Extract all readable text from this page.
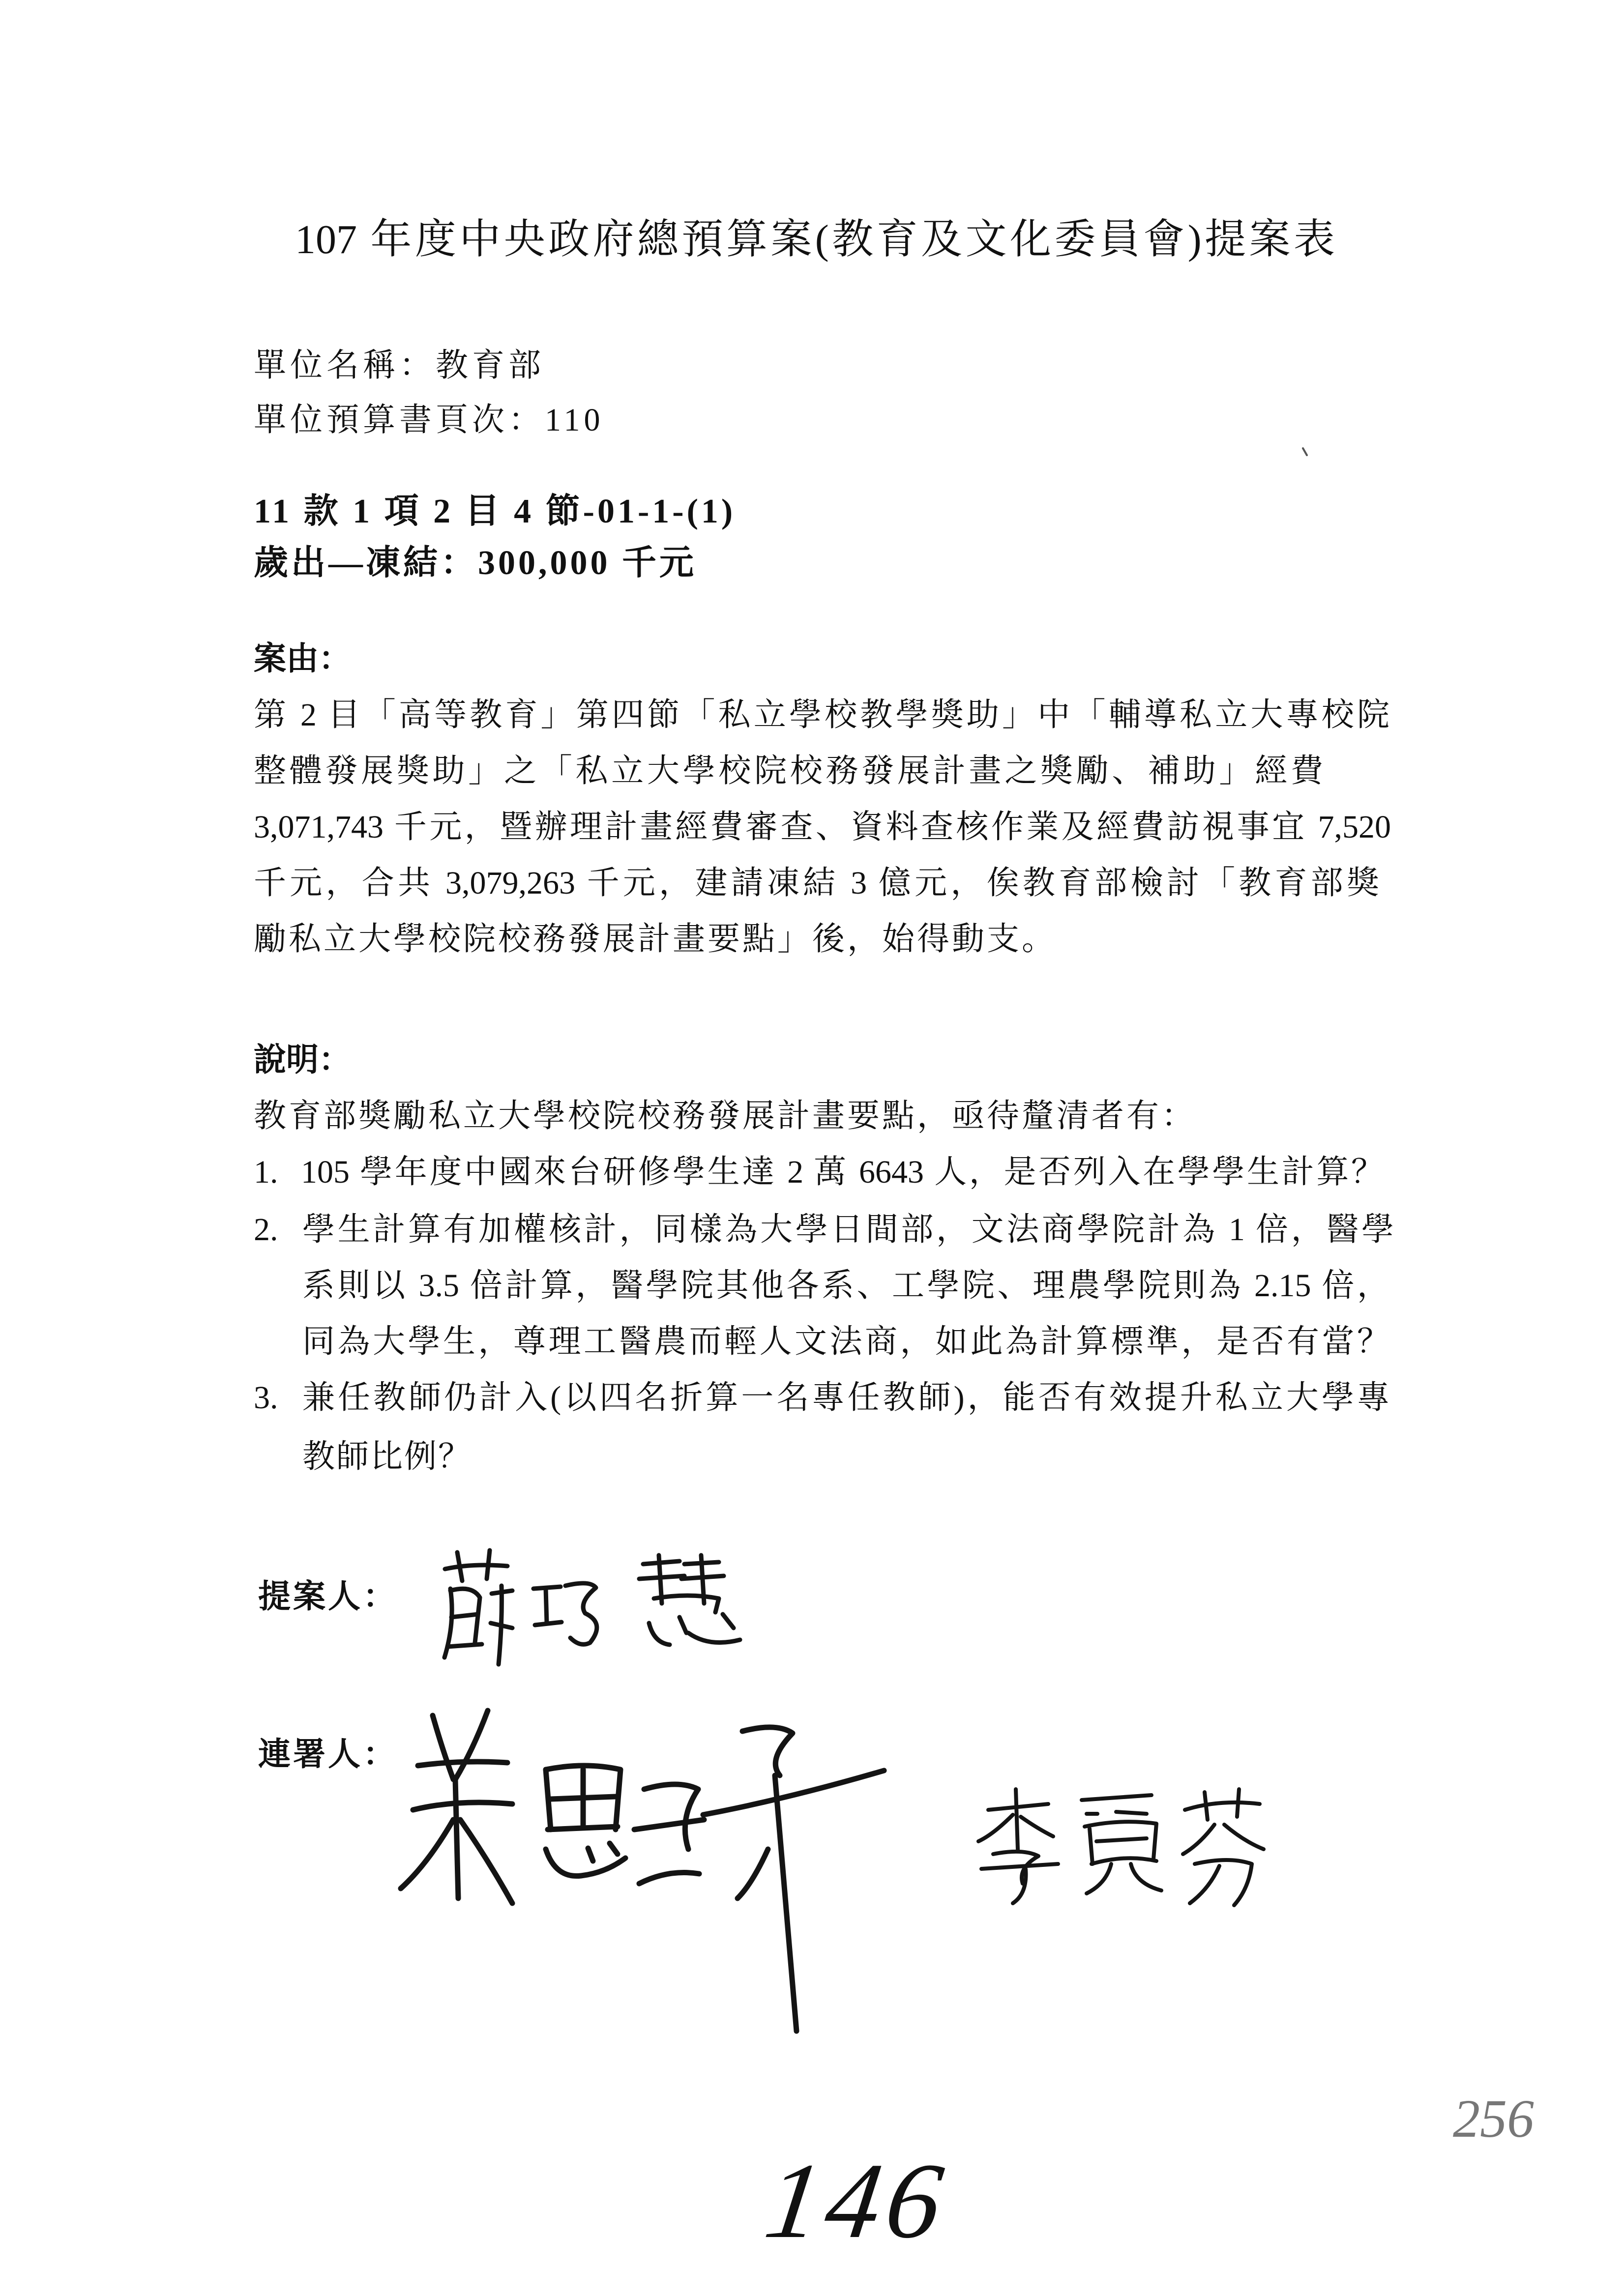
107 年度中央政府總預算案(教育及文化委員會)提案表
單位名稱：教育部
單位預算書頁次：110
11 款 1 項 2 目 4 節-01-1-(1)
歲出—凍結：300,000 千元
案由：
第 2 目「高等教育」第四節「私立學校教學獎助」中「輔導私立大專校院
整體發展獎助」之「私立大學校院校務發展計畫之獎勵、補助」經費
3,071,743 千元，暨辦理計畫經費審查、資料查核作業及經費訪視事宜 7,520
千元，合共 3,079,263 千元，建請凍結 3 億元，俟教育部檢討「教育部獎
勵私立大學校院校務發展計畫要點」後，始得動支。
說明：
教育部獎勵私立大學校院校務發展計畫要點，亟待釐清者有：
1. 105 學年度中國來台研修學生達 2 萬 6643 人，是否列入在學學生計算？
2. 學生計算有加權核計，同樣為大學日間部，文法商學院計為 1 倍，醫學
系則以 3.5 倍計算，醫學院其他各系、工學院、理農學院則為 2.15 倍，
同為大學生，尊理工醫農而輕人文法商，如此為計算標準，是否有當？
3. 兼任教師仍計入(以四名折算一名專任教師)，能否有效提升私立大學專
教師比例？
提案人：
連署人：
146
256
